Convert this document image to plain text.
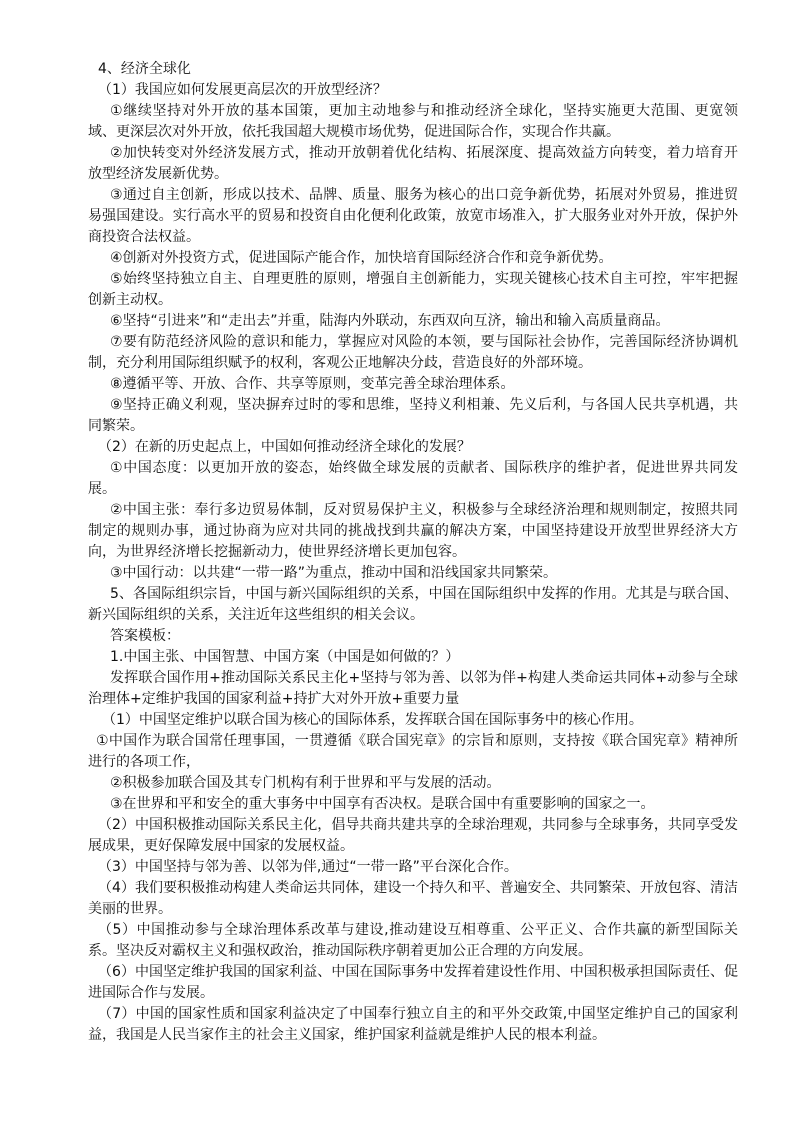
4、经济全球化

（1）我国应如何发展更高层次的开放型经济？

①继续坚持对外开放的基本国策，更加主动地参与和推动经济全球化，坚持实施更大范围、更宽领域、更深层次对外开放，依托我国超大规模市场优势，促进国际合作，实现合作共赢。

②加快转变对外经济发展方式，推动开放朝着优化结构、拓展深度、提高效益方向转变，着力培育开放型经济发展新优势。

③通过自主创新，形成以技术、品牌、质量、服务为核心的出口竞争新优势，拓展对外贸易，推进贸易强国建设。实行高水平的贸易和投资自由化便利化政策，放宽市场准入，扩大服务业对外开放，保护外商投资合法权益。

④创新对外投资方式，促进国际产能合作，加快培育国际经济合作和竞争新优势。

⑤始终坚持独立自主、自理更胜的原则，增强自主创新能力，实现关键核心技术自主可控，牢牢把握创新主动权。

⑥坚持“引进来”和“走出去”并重，陆海内外联动，东西双向互济，输出和输入高质量商品。

⑦要有防范经济风险的意识和能力，掌握应对风险的本领，要与国际社会协作，完善国际经济协调机制，充分利用国际组织赋予的权利，客观公正地解决分歧，营造良好的外部环境。

⑧遵循平等、开放、合作、共享等原则，变革完善全球治理体系。

⑨坚持正确义利观，坚决摒弃过时的零和思维，坚持义利相兼、先义后利，与各国人民共享机遇，共同繁荣。

（2）在新的历史起点上，中国如何推动经济全球化的发展？

①中国态度：以更加开放的姿态，始终做全球发展的贡献者、国际秩序的维护者，促进世界共同发展。

②中国主张：奉行多边贸易体制，反对贸易保护主义，积极参与全球经济治理和规则制定，按照共同制定的规则办事，通过协商为应对共同的挑战找到共赢的解决方案，中国坚持建设开放型世界经济大方向，为世界经济增长挖掘新动力，使世界经济增长更加包容。

③中国行动：以共建“一带一路”为重点，推动中国和沿线国家共同繁荣。

5、各国际组织宗旨，中国与新兴国际组织的关系，中国在国际组织中发挥的作用。尤其是与联合国、新兴国际组织的关系，关注近年这些组织的相关会议。

答案模板：

1.中国主张、中国智慧、中国方案（中国是如何做的？）

发挥联合国作用+推动国际关系民主化+坚持与邻为善、以邻为伴+构建人类命运共同体+动参与全球治理体+定维护我国的国家利益+持扩大对外开放+重要力量

（1）中国坚定维护以联合国为核心的国际体系，发挥联合国在国际事务中的核心作用。

①中国作为联合国常任理事国，一贯遵循《联合国宪章》的宗旨和原则，支持按《联合国宪章》精神所进行的各项工作，

②积极参加联合国及其专门机构有利于世界和平与发展的活动。

③在世界和平和安全的重大事务中中国享有否决权。是联合国中有重要影响的国家之一。

（2）中国积极推动国际关系民主化，倡导共商共建共享的全球治理观，共同参与全球事务，共同享受发展成果，更好保障发展中国家的发展权益。

（3）中国坚持与邻为善、以邻为伴,通过“一带一路”平台深化合作。

（4）我们要积极推动构建人类命运共同体，建设一个持久和平、普遍安全、共同繁荣、开放包容、清洁美丽的世界。

（5）中国推动参与全球治理体系改革与建设,推动建设互相尊重、公平正义、合作共赢的新型国际关系。坚决反对霸权主义和强权政治，推动国际秩序朝着更加公正合理的方向发展。

（6）中国坚定维护我国的国家利益、中国在国际事务中发挥着建设性作用、中国积极承担国际责任、促进国际合作与发展。

（7）中国的国家性质和国家利益决定了中国奉行独立自主的和平外交政策,中国坚定维护自己的国家利益，我国是人民当家作主的社会主义国家，维护国家利益就是维护人民的根本利益。
